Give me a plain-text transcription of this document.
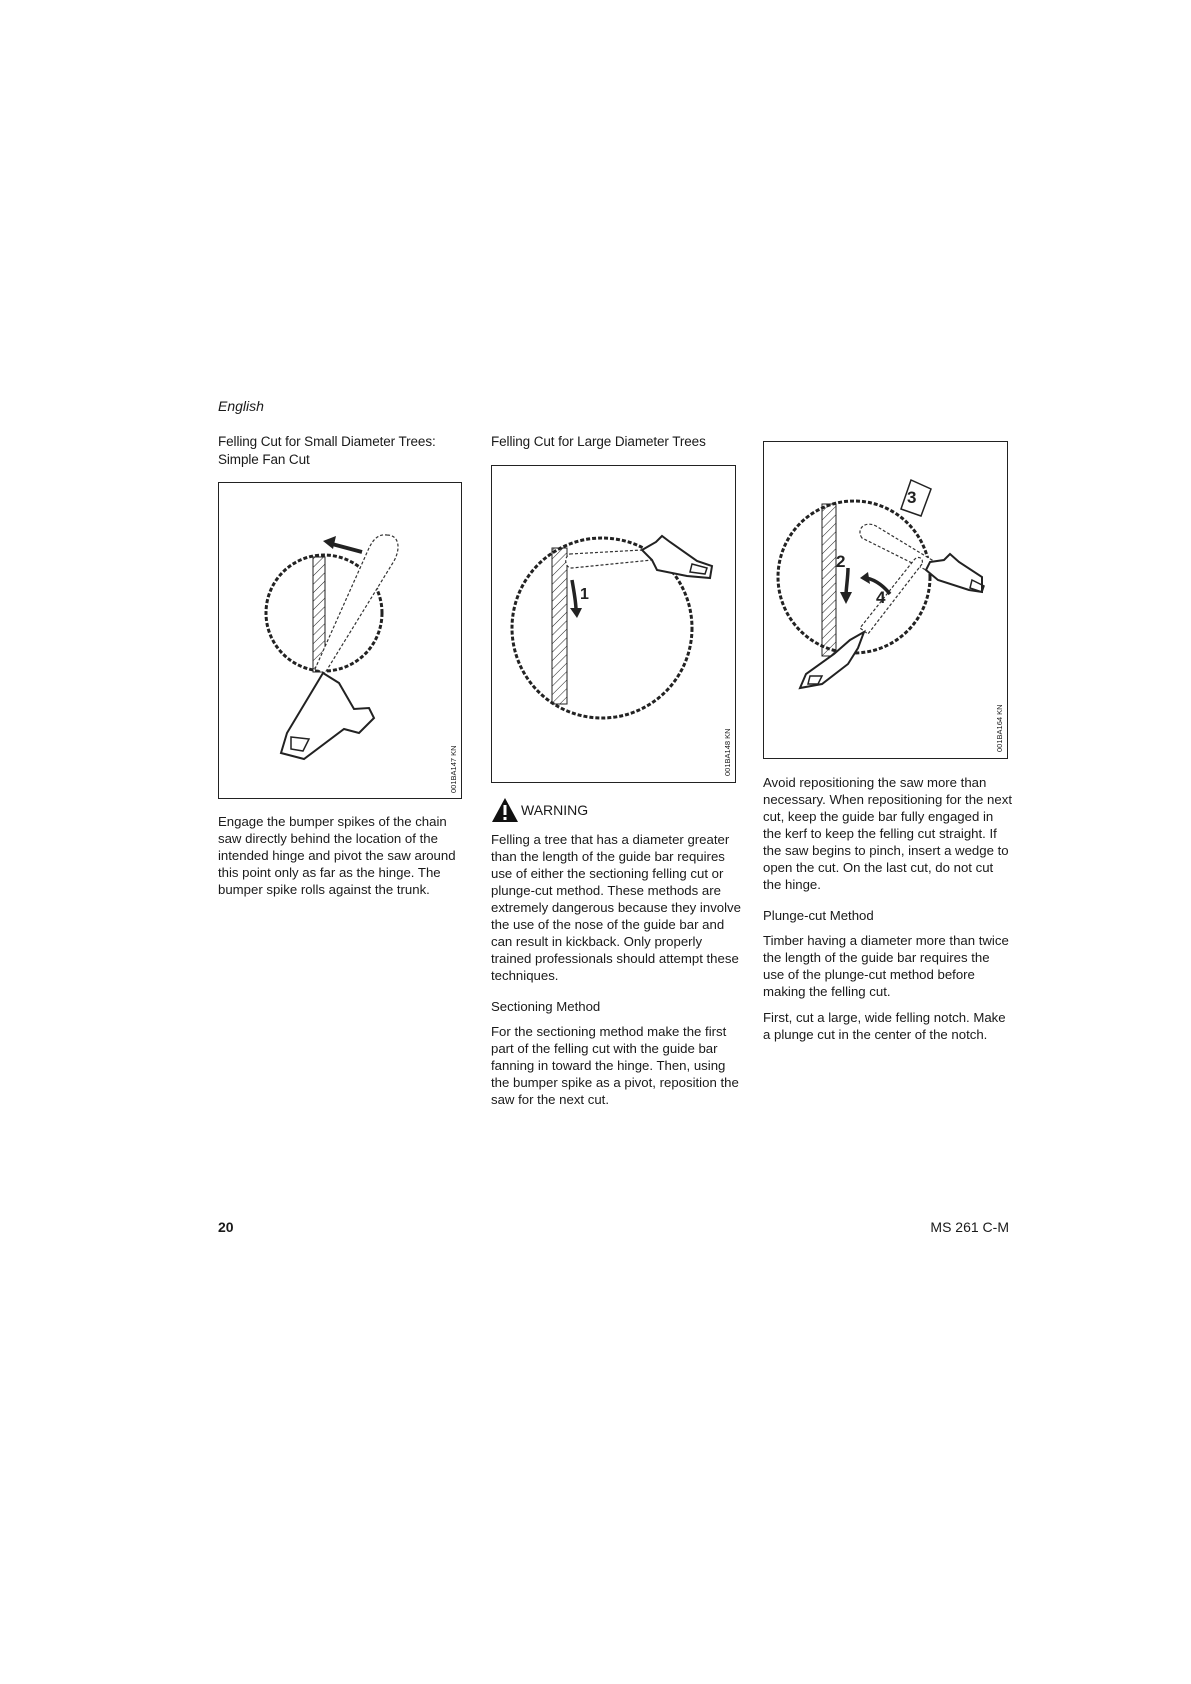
English
Felling Cut for Small Diameter Trees: Simple Fan Cut
001BA147 KN

Engage the bumper spikes of the chain saw directly behind the location of the intended hinge and pivot the saw around this point only as far as the hinge. The bumper spike rolls against the trunk.

Felling Cut for Large Diameter Trees
1
001BA148 KN
WARNING

Felling a tree that has a diameter greater than the length of the guide bar requires use of either the sectioning felling cut or plunge-cut method. These methods are extremely dangerous because they involve the use of the nose of the guide bar and can result in kickback. Only properly trained professionals should attempt these techniques.

Sectioning Method

For the sectioning method make the first part of the felling cut with the guide bar fanning in toward the hinge. Then, using the bumper spike as a pivot, reposition the saw for the next cut.

3
2
4
001BA164 KN

Avoid repositioning the saw more than necessary. When repositioning for the next cut, keep the guide bar fully engaged in the kerf to keep the felling cut straight. If the saw begins to pinch, insert a wedge to open the cut. On the last cut, do not cut the hinge.

Plunge-cut Method

Timber having a diameter more than twice the length of the guide bar requires the use of the plunge-cut method before making the felling cut.

First, cut a large, wide felling notch. Make a plunge cut in the center of the notch.

20	MS 261 C-M
